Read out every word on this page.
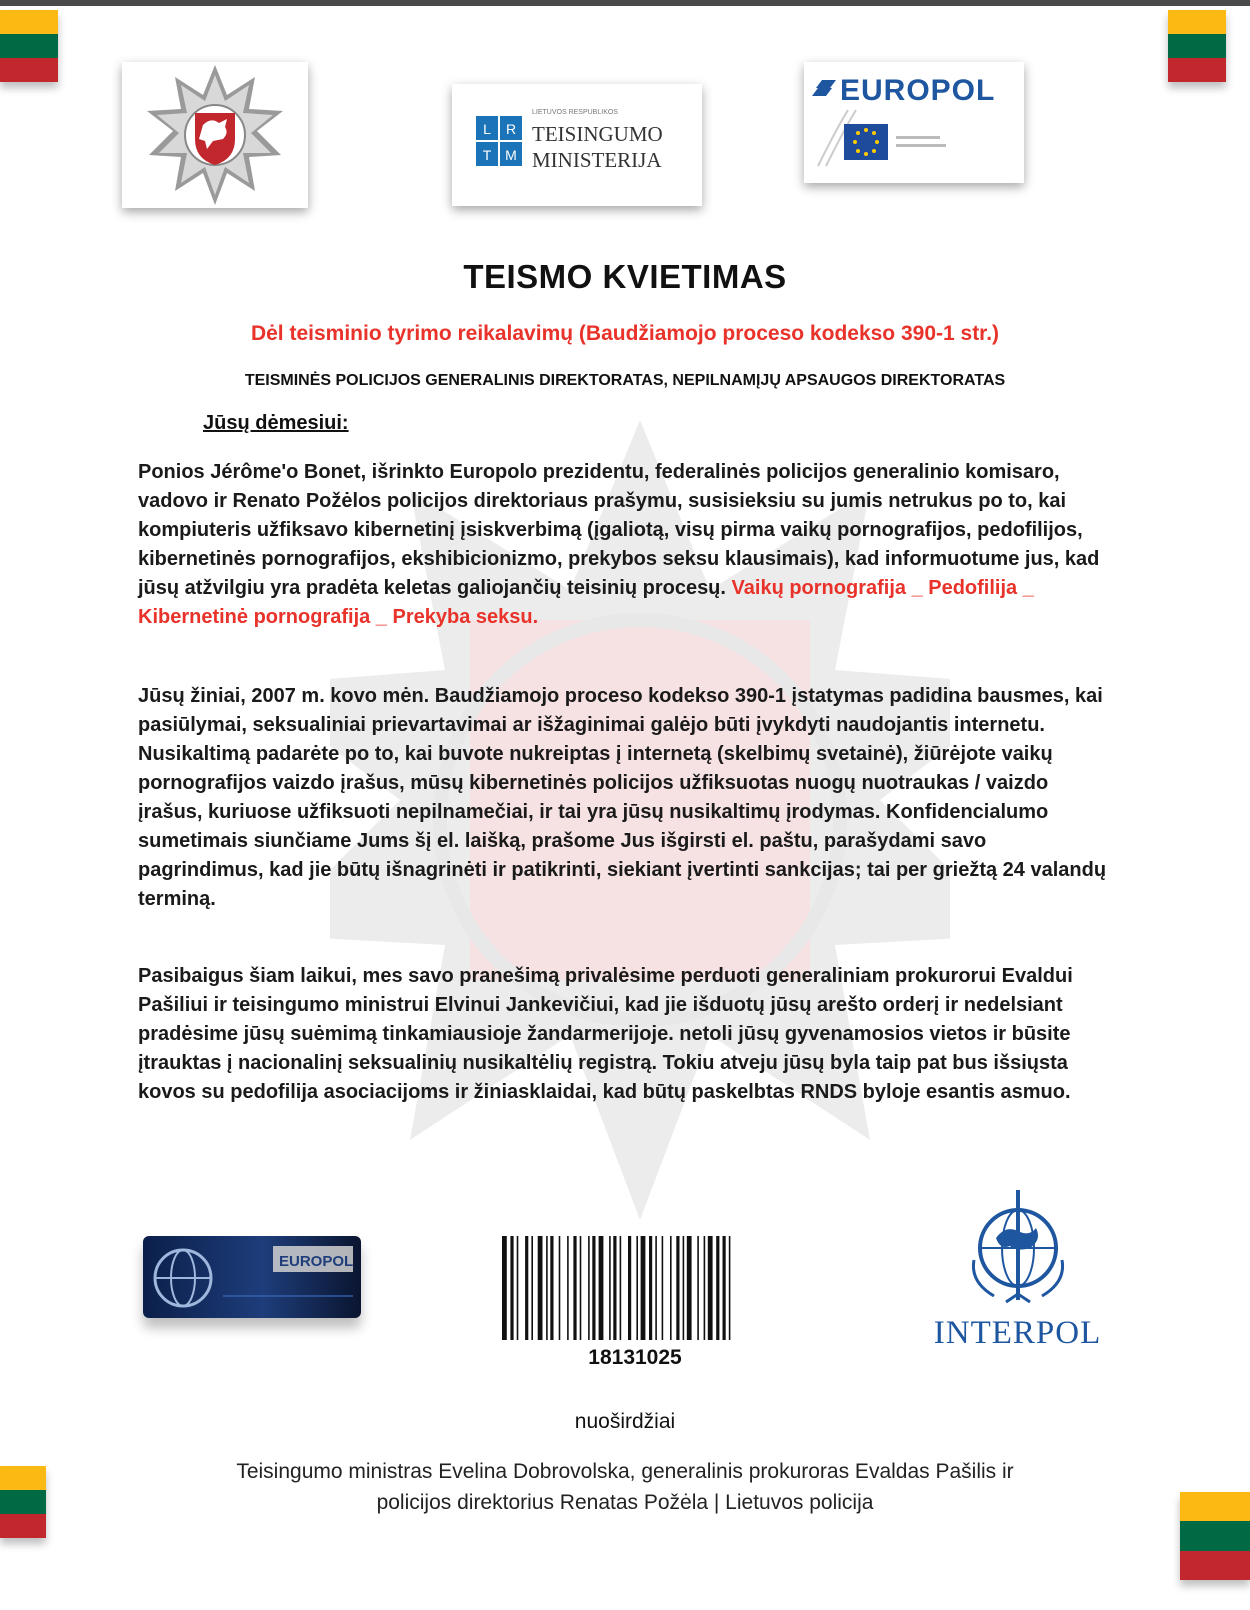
L R
T M
LIETUVOS RESPUBLIKOS
TEISINGUMO
MINISTERIJA
EUROPOL
TEISMO KVIETIMAS
Dėl teisminio tyrimo reikalavimų (Baudžiamojo proceso kodekso 390-1 str.)
TEISMINĖS POLICIJOS GENERALINIS DIREKTORATAS, NEPILNAMĮJŲ APSAUGOS DIREKTORATAS
Jūsų dėmesiui:
Ponios Jérôme'o Bonet, išrinkto Europolo prezidentu, federalinės policijos generalinio komisaro, vadovo ir Renato Požėlos policijos direktoriaus prašymu, susisieksiu su jumis netrukus po to, kai kompiuteris užfiksavo kibernetinį įsiskverbimą (įgaliotą, visų pirma vaikų pornografijos, pedofilijos, kibernetinės pornografijos, ekshibicionizmo, prekybos seksu klausimais), kad informuotume jus, kad jūsų atžvilgiu yra pradėta keletas galiojančių teisinių procesų. Vaikų pornografija _ Pedofilija _ Kibernetinė pornografija _ Prekyba seksu.
Jūsų žiniai, 2007 m. kovo mėn. Baudžiamojo proceso kodekso 390-1 įstatymas padidina bausmes, kai pasiūlymai, seksualiniai prievartavimai ar išžaginimai galėjo būti įvykdyti naudojantis internetu. Nusikaltimą padarėte po to, kai buvote nukreiptas į internetą (skelbimų svetainė), žiūrėjote vaikų pornografijos vaizdo įrašus, mūsų kibernetinės policijos užfiksuotas nuogų nuotraukas / vaizdo įrašus, kuriuose užfiksuoti nepilnamečiai, ir tai yra jūsų nusikaltimų įrodymas. Konfidencialumo sumetimais siunčiame Jums šį el. laišką, prašome Jus išgirsti el. paštu, parašydami savo pagrindimus, kad jie būtų išnagrinėti ir patikrinti, siekiant įvertinti sankcijas; tai per griežtą 24 valandų terminą.
Pasibaigus šiam laikui, mes savo pranešimą privalėsime perduoti generaliniam prokurorui Evaldui Pašiliui ir teisingumo ministrui Elvinui Jankevičiui, kad jie išduotų jūsų arešto orderį ir nedelsiant pradėsime jūsų suėmimą tinkamiausioje žandarmerijoje. netoli jūsų gyvenamosios vietos ir būsite įtrauktas į nacionalinį seksualinių nusikaltėlių registrą. Tokiu atveju jūsų byla taip pat bus išsiųsta kovos su pedofilija asociacijoms ir žiniasklaidai, kad būtų paskelbtas RNDS byloje esantis asmuo.
EUROPOL
18131025
INTERPOL
nuoširdžiai
Teisingumo ministras Evelina Dobrovolska, generalinis prokuroras Evaldas Pašilis ir
policijos direktorius Renatas Požėla | Lietuvos policija
